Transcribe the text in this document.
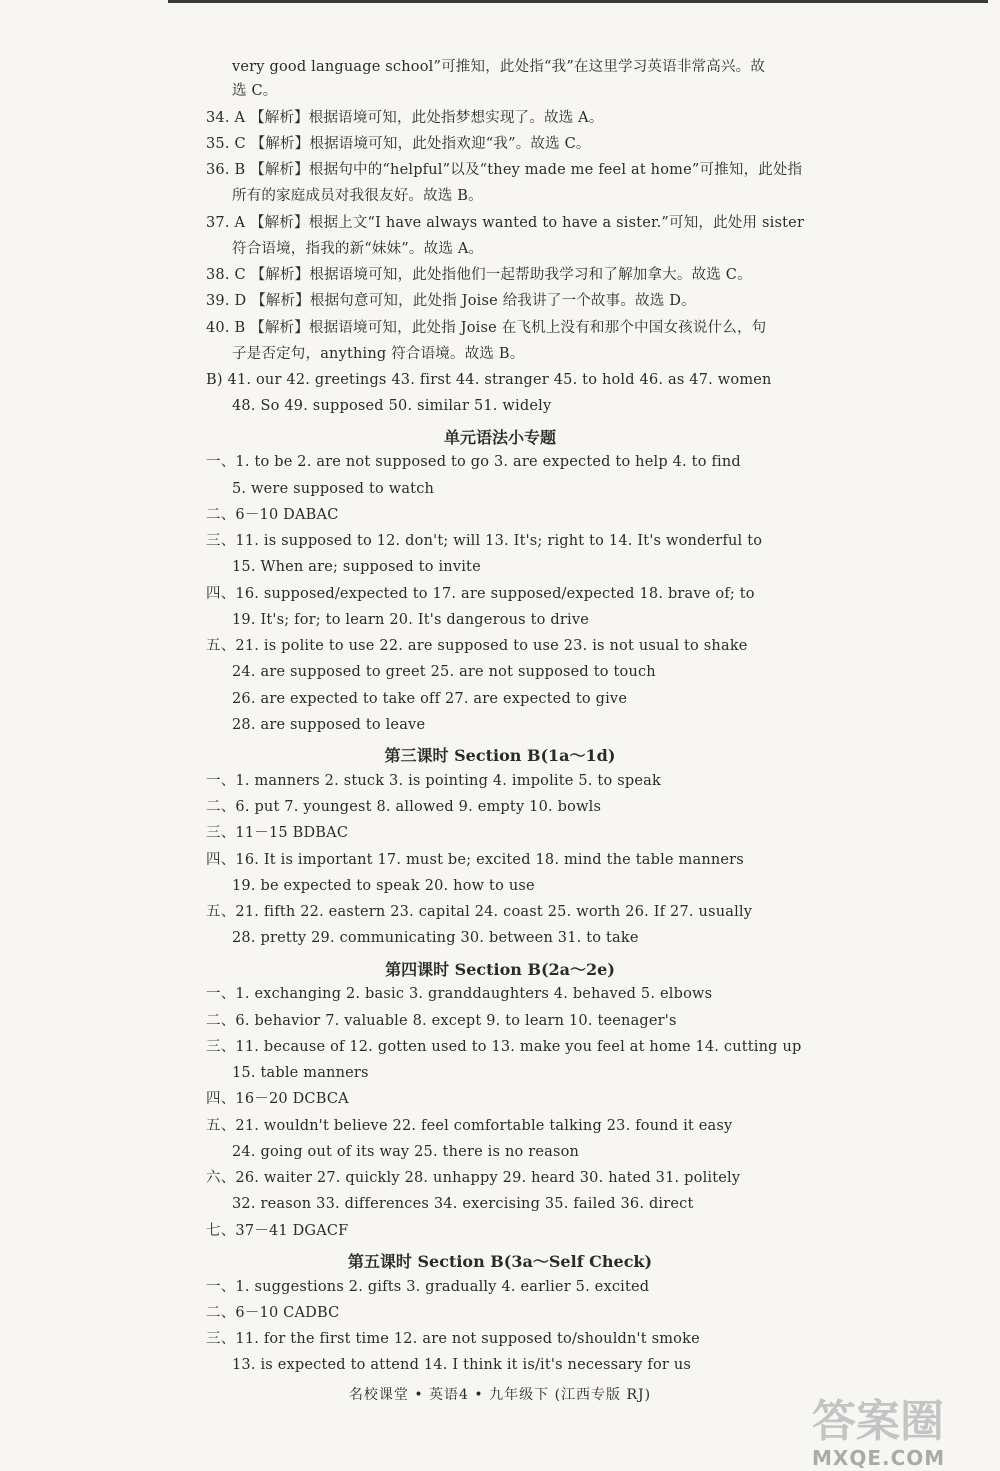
very good language school”可推知，此处指“我”在这里学习英语非常高兴。故
选 C。
34. A 【解析】根据语境可知，此处指梦想实现了。故选 A。
35. C 【解析】根据语境可知，此处指欢迎“我”。故选 C。
36. B 【解析】根据句中的“helpful”以及“they made me feel at home”可推知，此处指
所有的家庭成员对我很友好。故选 B。
37. A 【解析】根据上文“I have always wanted to have a sister.”可知，此处用 sister
符合语境，指我的新“妹妹”。故选 A。
38. C 【解析】根据语境可知，此处指他们一起帮助我学习和了解加拿大。故选 C。
39. D 【解析】根据句意可知，此处指 Joise 给我讲了一个故事。故选 D。
40. B 【解析】根据语境可知，此处指 Joise 在飞机上没有和那个中国女孩说什么，句
子是否定句，anything 符合语境。故选 B。
B) 41. our 42. greetings 43. first 44. stranger 45. to hold 46. as 47. women
48. So 49. supposed 50. similar 51. widely
一、1. to be 2. are not supposed to go 3. are expected to help 4. to find
5. were supposed to watch
二、6－10 DABAC
三、11. is supposed to 12. don't; will 13. It's; right to 14. It's wonderful to
15. When are; supposed to invite
四、16. supposed/expected to 17. are supposed/expected 18. brave of; to
19. It's; for; to learn 20. It's dangerous to drive
五、21. is polite to use 22. are supposed to use 23. is not usual to shake
24. are supposed to greet 25. are not supposed to touch
26. are expected to take off 27. are expected to give
28. are supposed to leave
一、1. manners 2. stuck 3. is pointing 4. impolite 5. to speak
二、6. put 7. youngest 8. allowed 9. empty 10. bowls
三、11－15 BDBAC
四、16. It is important 17. must be; excited 18. mind the table manners
19. be expected to speak 20. how to use
五、21. fifth 22. eastern 23. capital 24. coast 25. worth 26. If 27. usually
28. pretty 29. communicating 30. between 31. to take
一、1. exchanging 2. basic 3. granddaughters 4. behaved 5. elbows
二、6. behavior 7. valuable 8. except 9. to learn 10. teenager's
三、11. because of 12. gotten used to 13. make you feel at home 14. cutting up
15. table manners
四、16－20 DCBCA
五、21. wouldn't believe 22. feel comfortable talking 23. found it easy
24. going out of its way 25. there is no reason
六、26. waiter 27. quickly 28. unhappy 29. heard 30. hated 31. politely
32. reason 33. differences 34. exercising 35. failed 36. direct
七、37－41 DGACF
一、1. suggestions 2. gifts 3. gradually 4. earlier 5. excited
二、6－10 CADBC
三、11. for the first time 12. are not supposed to/shouldn't smoke
13. is expected to attend 14. I think it is/it's necessary for us
单元语法小专题
第三课时 Section B(1a～1d)
第四课时 Section B(2a～2e)
第五课时 Section B(3a～Self Check)
名校课堂 • 英语4 • 九年级下 (江西专版 RJ)
答案圈
MXQE.COM
